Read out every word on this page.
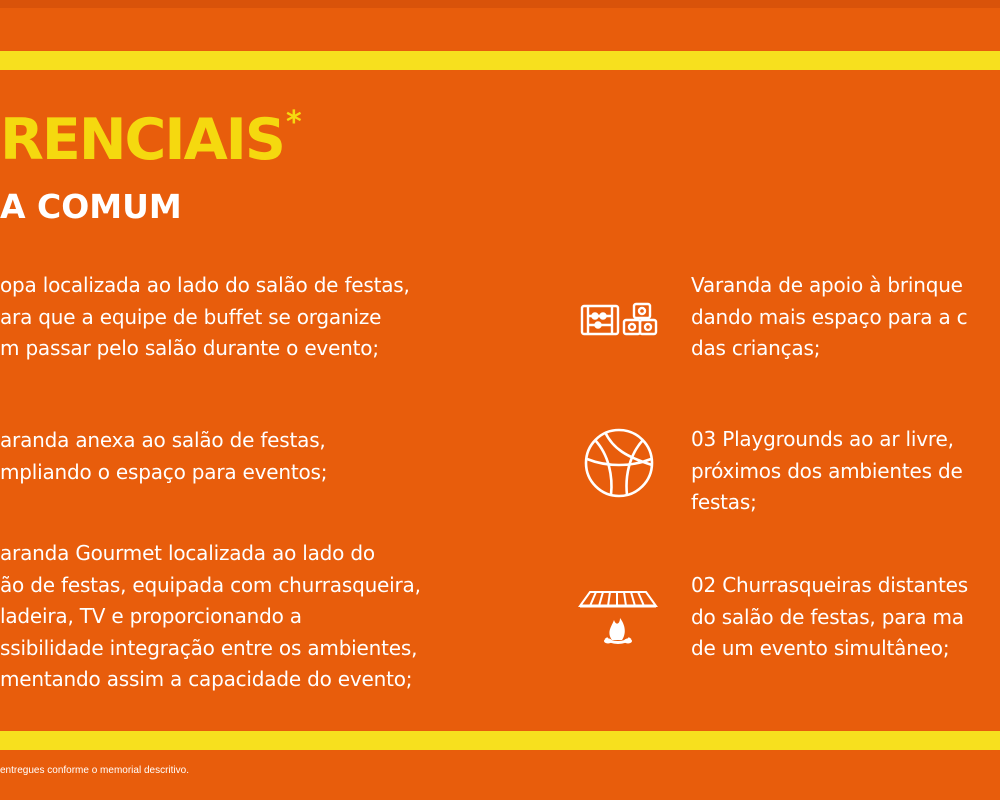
RENCIAIS*
A COMUM
opa localizada ao lado do salão de festas,
ara que a equipe de buffet se organize
m passar pelo salão durante o evento;
aranda anexa ao salão de festas,
mpliando o espaço para eventos;
aranda Gourmet localizada ao lado do
ão de festas, equipada com churrasqueira,
ladeira, TV e proporcionando a
ssibilidade integração entre os ambientes,
mentando assim a capacidade do evento;
Varanda de apoio à brinque
dando mais espaço para a c
das crianças;
03 Playgrounds ao ar livre,
próximos dos ambientes de
festas;
02 Churrasqueiras distantes
do salão de festas, para ma
de um evento simultâneo;
entregues conforme o memorial descritivo.
